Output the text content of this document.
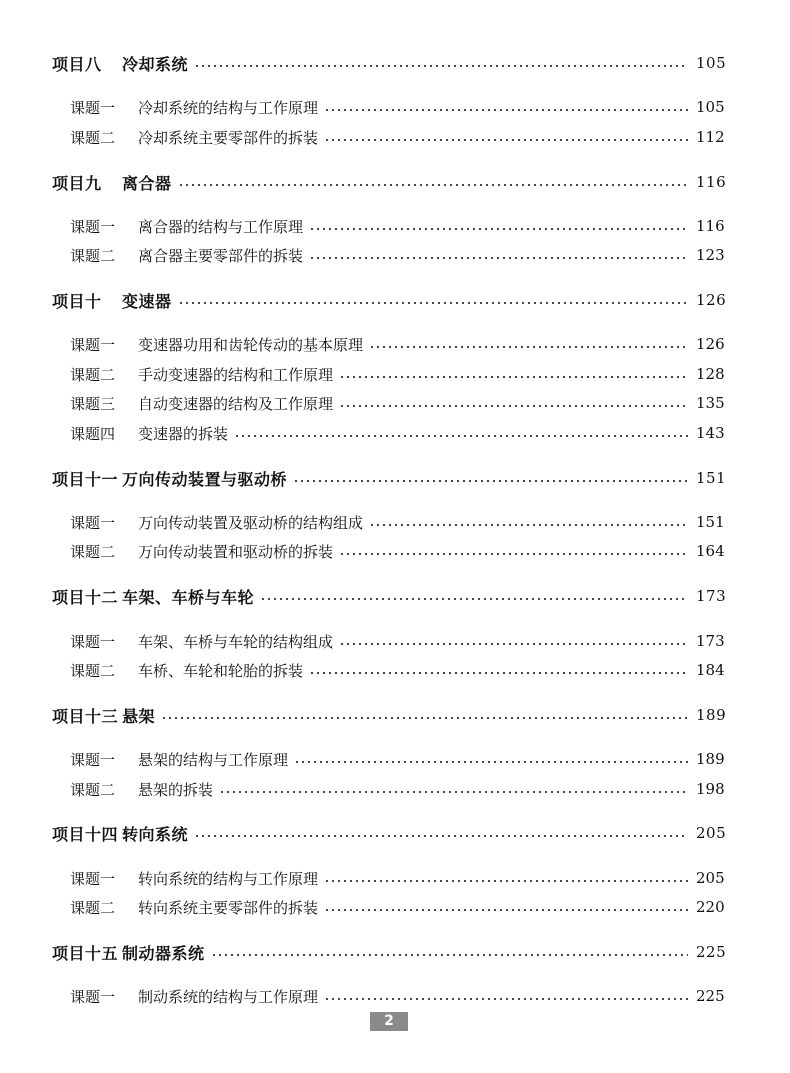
项目八	冷却系统	105
课题一	冷却系统的结构与工作原理	105
课题二	冷却系统主要零部件的拆装	112
项目九	离合器	116
课题一	离合器的结构与工作原理	116
课题二	离合器主要零部件的拆装	123
项目十	变速器	126
课题一	变速器功用和齿轮传动的基本原理	126
课题二	手动变速器的结构和工作原理	128
课题三	自动变速器的结构及工作原理	135
课题四	变速器的拆装	143
项目十一 万向传动装置与驱动桥	151
课题一	万向传动装置及驱动桥的结构组成	151
课题二	万向传动装置和驱动桥的拆装	164
项目十二 车架、车桥与车轮	173
课题一	车架、车桥与车轮的结构组成	173
课题二	车桥、车轮和轮胎的拆装	184
项目十三 悬架	189
课题一	悬架的结构与工作原理	189
课题二	悬架的拆装	198
项目十四 转向系统	205
课题一	转向系统的结构与工作原理	205
课题二	转向系统主要零部件的拆装	220
项目十五 制动器系统	225
课题一	制动系统的结构与工作原理	225
2
